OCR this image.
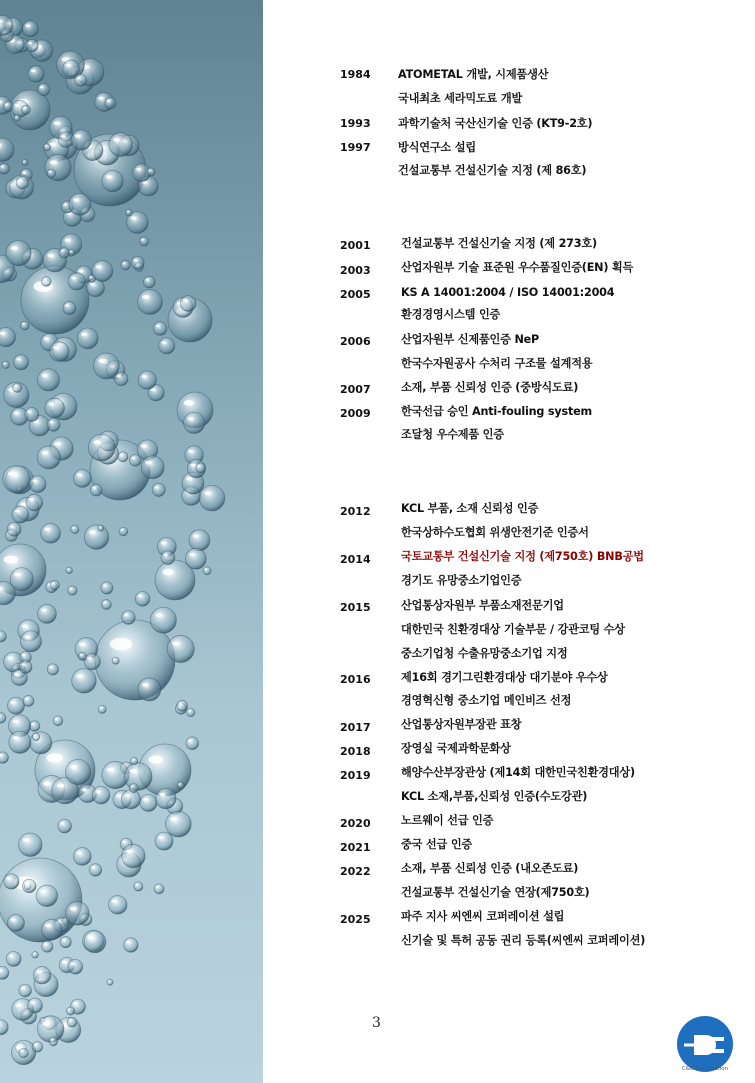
1984	ATOMETAL 개발, 시제품생산
국내최초 세라믹도료 개발
1993	과학기술처 국산신기술 인증 (KT9-2호)
1997	방식연구소 설립
건설교통부 건설신기술 지정 (제 86호)
2001	건설교통부 건설신기술 지정 (제 273호)
2003	산업자원부 기술 표준원 우수품질인증(EN) 획득
2005	KS A 14001:2004 / ISO 14001:2004
환경경영시스템 인증
2006	산업자원부 신제품인증 NeP
한국수자원공사 수처리 구조물 설계적용
2007	소재, 부품 신뢰성 인증 (중방식도료)
2009	한국선급 승인 Anti-fouling system
조달청 우수제품 인증
2012	KCL 부품, 소재 신뢰성 인증
한국상하수도협회 위생안전기준 인증서
2014	국토교통부 건설신기술 지정 (제750호) BNB공법
경기도 유망중소기업인증
2015	산업통상자원부 부품소재전문기업
대한민국 친환경대상 기술부문 / 강관코팅 수상
중소기업청 수출유망중소기업 지정
2016	제16회 경기그린환경대상 대기분야 우수상
경영혁신형 중소기업 메인비즈 선정
2017	산업통상자원부장관 표창
2018	장영실 국제과학문화상
2019	해양수산부장관상 (제14회 대한민국친환경대상)
KCL 소재,부품,신뢰성 인증(수도강관)
2020	노르웨이 선급 인증
2021	중국 선급 인증
2022	소재, 부품 신뢰성 인증 (내오존도료)
건설교통부 건설신기술 연장(제750호)
2025	파주 지사 씨엔씨 코퍼레이션 설립
신기술 및 특허 공동 권리 등록(씨엔씨 코퍼레이션)
3
C&C Corporation
